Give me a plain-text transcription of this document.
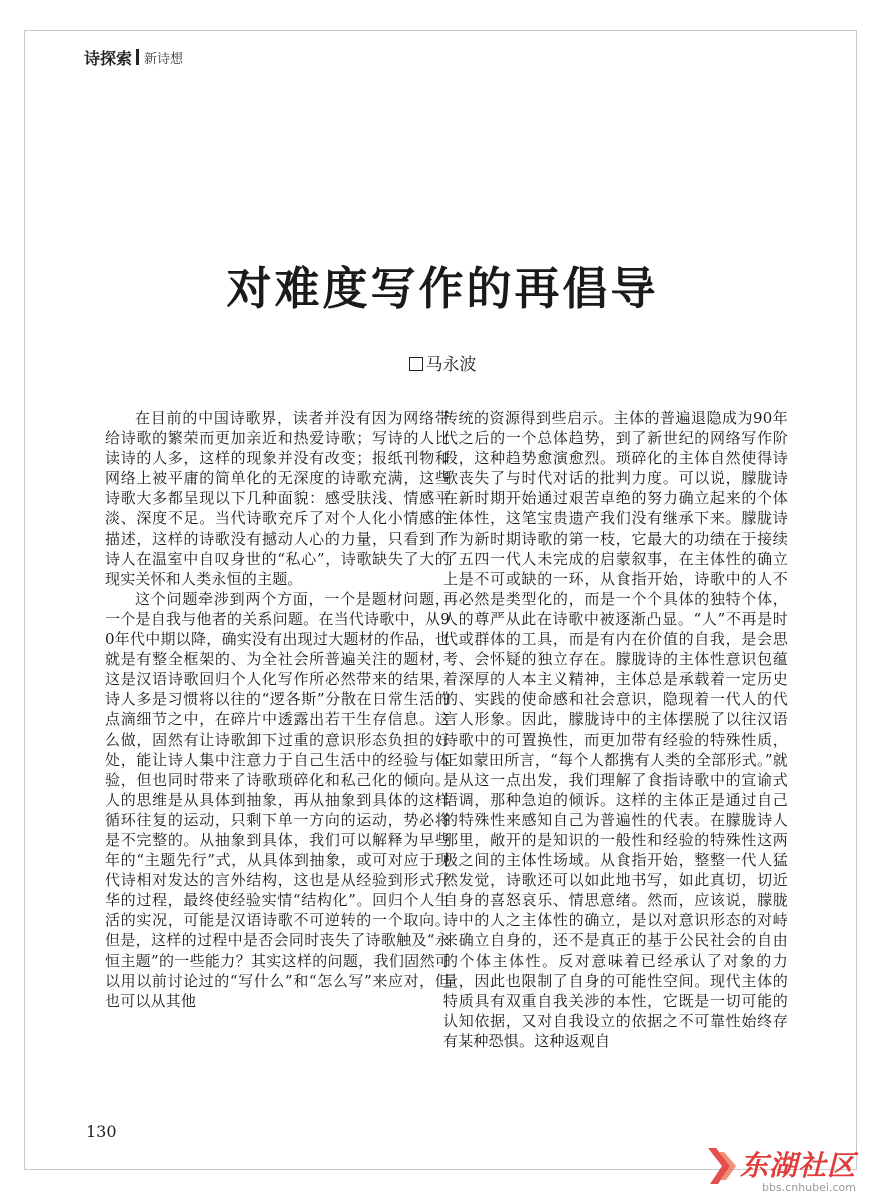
诗探索 新诗想
对难度写作的再倡导
马永波

在目前的中国诗歌界，读者并没有因为网络带给诗歌的繁荣而更加亲近和热爱诗歌；写诗的人比读诗的人多，这样的现象并没有改变；报纸刊物和网络上被平庸的简单化的无深度的诗歌充满，这些诗歌大多都呈现以下几种面貌：感受肤浅、情感平淡、深度不足。当代诗歌充斥了对个人化小情感的描述，这样的诗歌没有撼动人心的力量，只看到了诗人在温室中自叹身世的“私心”，诗歌缺失了大的现实关怀和人类永恒的主题。

这个问题牵涉到两个方面，一个是题材问题，一个是自我与他者的关系问题。在当代诗歌中，从90年代中期以降，确实没有出现过大题材的作品，也就是有整全框架的、为全社会所普遍关注的题材，这是汉语诗歌回归个人化写作所必然带来的结果，诗人多是习惯将以往的“逻各斯”分散在日常生活的点滴细节之中，在碎片中透露出若干生存信息。这么做，固然有让诗歌卸下过重的意识形态负担的好处，能让诗人集中注意力于自己生活中的经验与体验，但也同时带来了诗歌琐碎化和私己化的倾向。人的思维是从具体到抽象，再从抽象到具体的这样循环往复的运动，只剩下单一方向的运动，势必将是不完整的。从抽象到具体，我们可以解释为早些年的“主题先行”式，从具体到抽象，或可对应于现代诗相对发达的言外结构，这也是从经验到形式升华的过程，最终使经验实情“结构化”。回归个人生活的实况，可能是汉语诗歌不可逆转的一个取向。但是，这样的过程中是否会同时丧失了诗歌触及“永恒主题”的一些能力？其实这样的问题，我们固然可以用以前讨论过的“写什么”和“怎么写”来应对，但也可以从其他

传统的资源得到些启示。主体的普遍退隐成为90年代之后的一个总体趋势，到了新世纪的网络写作阶段，这种趋势愈演愈烈。琐碎化的主体自然使得诗歌丧失了与时代对话的批判力度。可以说，朦胧诗在新时期开始通过艰苦卓绝的努力确立起来的个体主体性，这笔宝贵遗产我们没有继承下来。朦胧诗作为新时期诗歌的第一枝，它最大的功绩在于接续了五四一代人未完成的启蒙叙事，在主体性的确立上是不可或缺的一环，从食指开始，诗歌中的人不再必然是类型化的，而是一个个具体的独特个体，人的尊严从此在诗歌中被逐渐凸显。“人”不再是时代或群体的工具，而是有内在价值的自我，是会思考、会怀疑的独立存在。朦胧诗的主体性意识包蕴着深厚的人本主义精神，主体总是承载着一定历史的、实践的使命感和社会意识，隐现着一代人的代言人形象。因此，朦胧诗中的主体摆脱了以往汉语诗歌中的可置换性，而更加带有经验的特殊性质，正如蒙田所言，“每个人都携有人类的全部形式。”就是从这一点出发，我们理解了食指诗歌中的宣谕式语调，那种急迫的倾诉。这样的主体正是通过自己的特殊性来感知自己为普遍性的代表。在朦胧诗人那里，敞开的是知识的一般性和经验的特殊性这两极之间的主体性场域。从食指开始，整整一代人猛然发觉，诗歌还可以如此地书写，如此真切，切近自身的喜怒哀乐、情思意绪。然而，应该说，朦胧诗中的人之主体性的确立，是以对意识形态的对峙来确立自身的，还不是真正的基于公民社会的自由的个体主体性。反对意味着已经承认了对象的力量，因此也限制了自身的可能性空间。现代主体的特质具有双重自我关涉的本性，它既是一切可能的认知依据，又对自我设立的依据之不可靠性始终存有某种恐惧。这种返观自

130
东湖社区
bbs.cnhubei.com
